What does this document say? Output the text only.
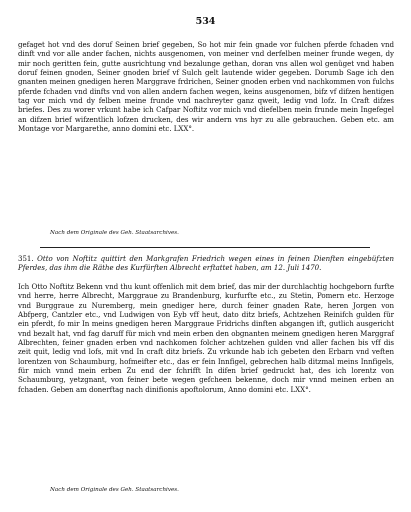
534
gefaget hot vnd des doruf Seinen brief gegeben, So hot mir fein gnade vor fulchen pferde fchaden vnd dinft vnd vor alle ander fachen, nichts ausgenomen, von meiner vnd derfelben meiner frunde wegen, dy mir noch geritten fein, gutte ausrichtung vnd bezalunge gethan, doran vns allen wol genüget vnd haben doruf feinen gnoden, Seiner gnoden brief vf Sulch gelt lautende wider gegeben. Dorumb Sage ich den gnanten meinen gnedigen heren Marggrave frdrichen, Seiner gnoden erben vnd nachkommen von fulchs pferde fchaden vnd dinfts vnd von allen andern fachen wegen, keins ausgenomen, bifz vf difzen hentigen tag vor mich vnd dy felben meine frunde vnd nachreyter ganz qweit, ledig vnd lofz. In Craft difzes briefes. Des zu worer vrkunt habe ich Cafpar Noftitz vor mich vnd diefelben mein frunde mein Ingefegel an difzen brief wifzentlich lofzen drucken, des wir andern vns hyr zu alle gebrauchen. Geben etc. am Montage vor Margarethe, anno domini etc. LXX°.
Nach dem Originale des Geh. Staatsarchives.
351. Otto von Noftitz quittirt den Markgrafen Friedrich wegen eines in feinen Dienften eingebüfzten Pferdes, das ihm die Räthe des Kurfürften Albrecht erftattet haben, am 12. Juli 1470.
Ich Otto Noftitz Bekenn vnd thu kunt offenlich mit dem brief, das mir der durchlachtig hochgeborn furfte vnd herre, herre Albrecht, Marggraue zu Brandenburg, kurfurfte etc., zu Stetin, Pomern etc. Herzoge vnd Burggraue zu Nuremberg, mein gnediger here, durch feiner gnaden Rate, heren Jorgen von Abfperg, Cantzler etc., vnd Ludwigen von Eyb vff heut, dato ditz briefs, Achtzehen Reinifch gulden für ein pferdt, fo mir In meins gnedigen heren Marggraue Fridrichs dinften abgangen ift, gutlich ausgericht vnd bezalt hat, vnd fag daruff für mich vnd mein erben den obgnanten meinem gnedigen heren Marggraf Albrechten, feiner gnaden erben vnd nachkomen folcher achtzehen gulden vnd aller fachen bis vff dis zeit quit, ledig vnd lofs, mit vnd In craft ditz briefs. Zu vrkunde hab ich gebeten den Erbarn vnd veften lorentzen von Schaumburg, hofmeifter etc., das er fein Innfigel, gebrechen halb ditzmal meins Innfigels, für mich vnnd mein erben Zu end der fchrifft In difen brief gedruckt hat, des ich lorentz von Schaumburg, yetzgnant, von feiner bete wegen gefcheen bekenne, doch mir vnnd meinen erben an fchaden. Geben am donerftag nach dinifionis apoftolorum, Anno domini etc. LXX°.
Nach dem Originale des Geh. Staatsarchives.
